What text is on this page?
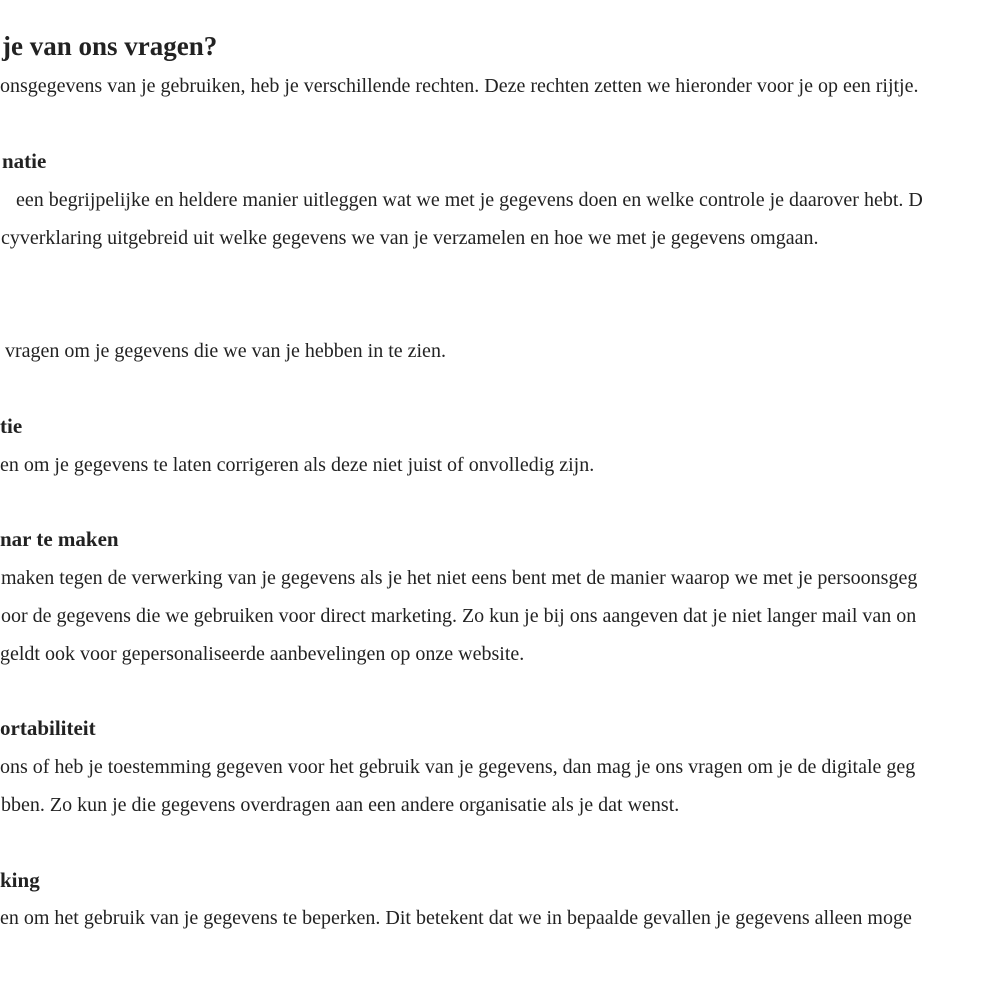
je van ons vragen?
onsgegevens van je gebruiken, heb je verschillende rechten. Deze rechten zetten we hieronder voor je op een rijtje.
natie
een begrijpelijke en heldere manier uitleggen wat we met je gegevens doen en welke controle je daarover hebt. D
cyverklaring uitgebreid uit welke gegevens we van je verzamelen en hoe we met je gegevens omgaan.
vragen om je gegevens die we van je hebben in te zien.
tie
en om je gegevens te laten corrigeren als deze niet juist of onvolledig zijn.
nar te maken
maken tegen de verwerking van je gegevens als je het niet eens bent met de manier waarop we met je persoonsgeg
oor de gegevens die we gebruiken voor direct marketing. Zo kun je bij ons aangeven dat je niet langer mail van on
geldt ook voor gepersonaliseerde aanbevelingen op onze website.
ortabiliteit
ons of heb je toestemming gegeven voor het gebruik van je gegevens, dan mag je ons vragen om je de digitale geg
bben. Zo kun je die gegevens overdragen aan een andere organisatie als je dat wenst.
king
en om het gebruik van je gegevens te beperken. Dit betekent dat we in bepaalde gevallen je gegevens alleen moge
